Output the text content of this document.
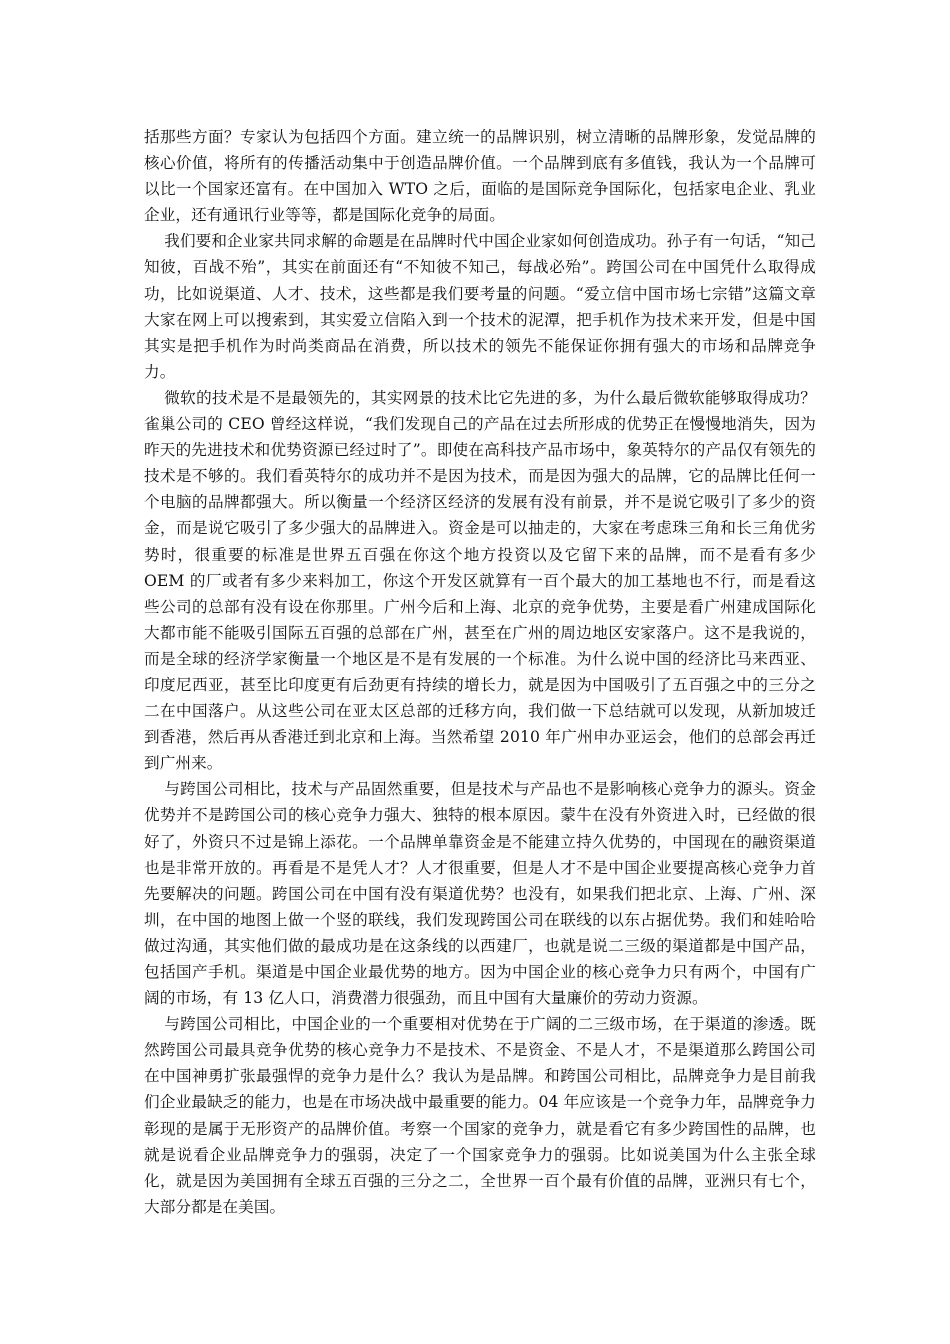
括那些方面？专家认为包括四个方面。建立统一的品牌识别，树立清晰的品牌形象，发觉品牌的核心价值，将所有的传播活动集中于创造品牌价值。一个品牌到底有多值钱，我认为一个品牌可以比一个国家还富有。在中国加入 WTO 之后，面临的是国际竞争国际化，包括家电企业、乳业企业，还有通讯行业等等，都是国际化竞争的局面。

我们要和企业家共同求解的命题是在品牌时代中国企业家如何创造成功。孙子有一句话，“知己知彼，百战不殆”，其实在前面还有“不知彼不知己，每战必殆”。跨国公司在中国凭什么取得成功，比如说渠道、人才、技术，这些都是我们要考量的问题。“爱立信中国市场七宗错”这篇文章大家在网上可以搜索到，其实爱立信陷入到一个技术的泥潭，把手机作为技术来开发，但是中国其实是把手机作为时尚类商品在消费，所以技术的领先不能保证你拥有强大的市场和品牌竞争力。

微软的技术是不是最领先的，其实网景的技术比它先进的多，为什么最后微软能够取得成功？雀巢公司的 CEO 曾经这样说，“我们发现自己的产品在过去所形成的优势正在慢慢地消失，因为昨天的先进技术和优势资源已经过时了”。即使在高科技产品市场中，象英特尔的产品仅有领先的技术是不够的。我们看英特尔的成功并不是因为技术，而是因为强大的品牌，它的品牌比任何一个电脑的品牌都强大。所以衡量一个经济区经济的发展有没有前景，并不是说它吸引了多少的资金，而是说它吸引了多少强大的品牌进入。资金是可以抽走的，大家在考虑珠三角和长三角优劣势时，很重要的标准是世界五百强在你这个地方投资以及它留下来的品牌，而不是看有多少 OEM 的厂或者有多少来料加工，你这个开发区就算有一百个最大的加工基地也不行，而是看这些公司的总部有没有设在你那里。广州今后和上海、北京的竞争优势，主要是看广州建成国际化大都市能不能吸引国际五百强的总部在广州，甚至在广州的周边地区安家落户。这不是我说的，而是全球的经济学家衡量一个地区是不是有发展的一个标准。为什么说中国的经济比马来西亚、印度尼西亚，甚至比印度更有后劲更有持续的增长力，就是因为中国吸引了五百强之中的三分之二在中国落户。从这些公司在亚太区总部的迁移方向，我们做一下总结就可以发现，从新加坡迁到香港，然后再从香港迁到北京和上海。当然希望 2010 年广州申办亚运会，他们的总部会再迁到广州来。

与跨国公司相比，技术与产品固然重要，但是技术与产品也不是影响核心竞争力的源头。资金优势并不是跨国公司的核心竞争力强大、独特的根本原因。蒙牛在没有外资进入时，已经做的很好了，外资只不过是锦上添花。一个品牌单靠资金是不能建立持久优势的，中国现在的融资渠道也是非常开放的。再看是不是凭人才？人才很重要，但是人才不是中国企业要提高核心竞争力首先要解决的问题。跨国公司在中国有没有渠道优势？也没有，如果我们把北京、上海、广州、深圳，在中国的地图上做一个竖的联线，我们发现跨国公司在联线的以东占据优势。我们和娃哈哈做过沟通，其实他们做的最成功是在这条线的以西建厂，也就是说二三级的渠道都是中国产品，包括国产手机。渠道是中国企业最优势的地方。因为中国企业的核心竞争力只有两个，中国有广阔的市场，有 13 亿人口，消费潜力很强劲，而且中国有大量廉价的劳动力资源。

与跨国公司相比，中国企业的一个重要相对优势在于广阔的二三级市场，在于渠道的渗透。既然跨国公司最具竞争优势的核心竞争力不是技术、不是资金、不是人才，不是渠道那么跨国公司在中国神勇扩张最强悍的竞争力是什么？我认为是品牌。和跨国公司相比，品牌竞争力是目前我们企业最缺乏的能力，也是在市场决战中最重要的能力。04 年应该是一个竞争力年，品牌竞争力彰现的是属于无形资产的品牌价值。考察一个国家的竞争力，就是看它有多少跨国性的品牌，也就是说看企业品牌竞争力的强弱，决定了一个国家竞争力的强弱。比如说美国为什么主张全球化，就是因为美国拥有全球五百强的三分之二，全世界一百个最有价值的品牌，亚洲只有七个，大部分都是在美国。
